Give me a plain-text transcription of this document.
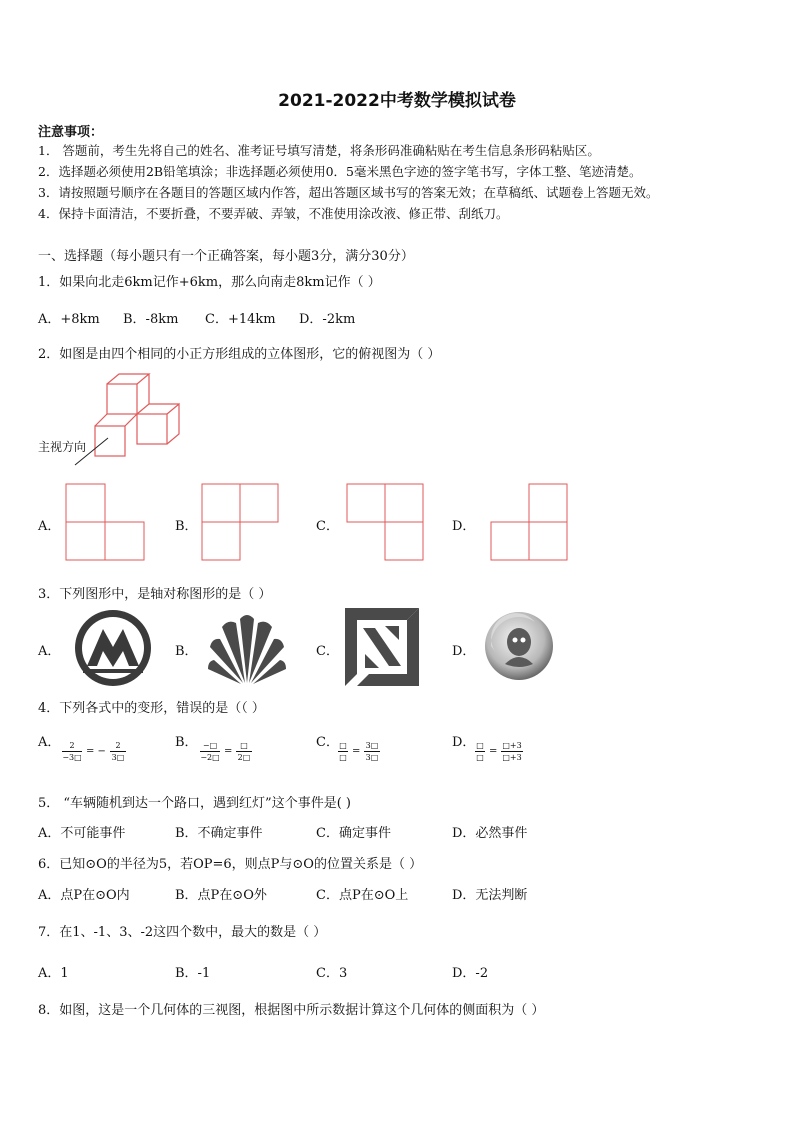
2021-2022中考数学模拟试卷
注意事项：
1． 答题前，考生先将自己的姓名、准考证号填写清楚，将条形码准确粘贴在考生信息条形码粘贴区。
2．选择题必须使用2B铅笔填涂；非选择题必须使用0．5毫米黑色字迹的签字笔书写，字体工整、笔迹清楚。
3．请按照题号顺序在各题目的答题区域内作答，超出答题区域书写的答案无效；在草稿纸、试题卷上答题无效。
4．保持卡面清洁，不要折叠，不要弄破、弄皱，不准使用涂改液、修正带、刮纸刀。
一、选择题（每小题只有一个正确答案，每小题3分，满分30分）
1．如果向北走6km记作+6km，那么向南走8km记作（ ）
A．+8km B．-8km C．+14km D．-2km
2．如图是由四个相同的小正方形组成的立体图形，它的俯视图为（ ）
主视方向
A．	B．	C．	D．
3．下列图形中，是轴对称图形的是（ ）
A．	B．	C．	D．
4．下列各式中的变形，错误的是（（ ）
A．	2
−3□
= −
2
3□
B． −□
−2□
=
□
2□
C． □
□
=
3□
3□
D． □
□
=
□+3
□+3
5． “车辆随机到达一个路口，遇到红灯”这个事件是( )
A．不可能事件	B．不确定事件	C．确定事件	D．必然事件
6．已知⊙O的半径为5，若OP=6，则点P与⊙O的位置关系是（ ）
A．点P在⊙O内	B．点P在⊙O外	C．点P在⊙O上	D．无法判断
7．在1、-1、3、-2这四个数中，最大的数是（ ）
A．1	B．-1	C．3	D．-2
8．如图，这是一个几何体的三视图，根据图中所示数据计算这个几何体的侧面积为（ ）
